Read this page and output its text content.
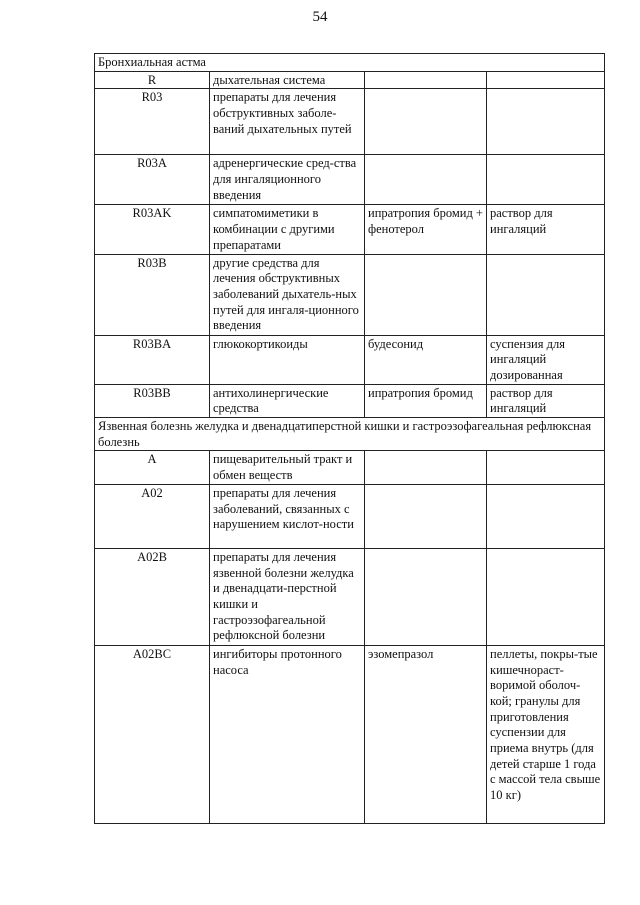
54
Бронхиальная астма			
R	дыхательная система		
R03	препараты для лечения обструктивных заболе-ваний дыхательных путей		
R03A	адренергические сред-ства для ингаляционного введения		
R03AK	симпатомиметики в комбинации с другими препаратами	ипратропия бромид + фенотерол	раствор для ингаляций
R03B	другие средства для лечения обструктивных заболеваний дыхатель-ных путей для ингаля-ционного введения		
R03BA	глюкокортикоиды	будесонид	суспензия для ингаляций дозированная
R03BB	антихолинергические средства	ипратропия бромид	раствор для ингаляций
Язвенная болезнь желудка и двенадцатиперстной кишки и гастроэзофагеальная рефлюксная болезнь			
A	пищеварительный тракт и обмен веществ		
A02	препараты для лечения заболеваний, связанных с нарушением кислот-ности		
A02B	препараты для лечения язвенной болезни желудка и двенадцати-перстной кишки и гастроэзофагеальной рефлюксной болезни		
A02BC	ингибиторы протонного насоса	эзомепразол	пеллеты, покры-тые кишечнораст-воримой оболоч-кой; гранулы для приготовления суспензии для приема внутрь (для детей старше 1 года с массой тела свыше 10 кг)
